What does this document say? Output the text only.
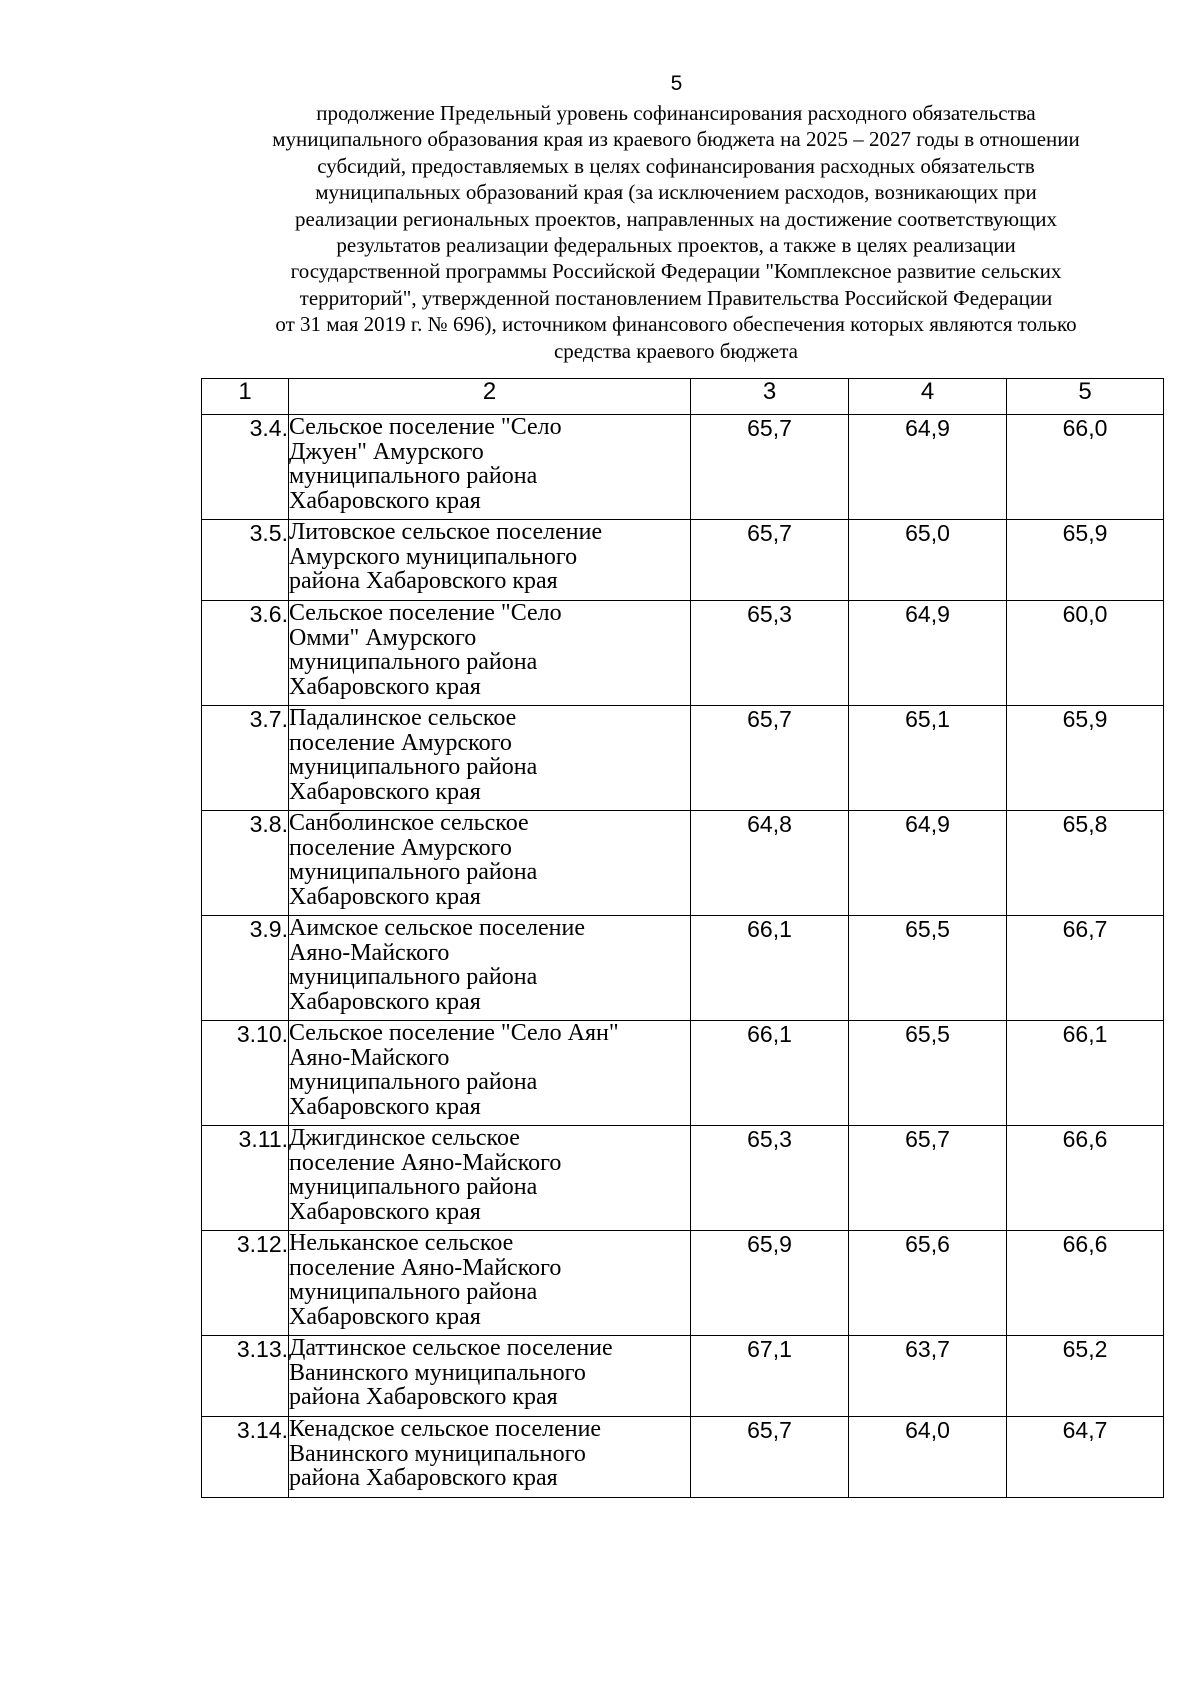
5
продолжение Предельный уровень софинансирования расходного обязательства
муниципального образования края из краевого бюджета на 2025 – 2027 годы в отношении
субсидий, предоставляемых в целях софинансирования расходных обязательств
муниципальных образований края (за исключением расходов, возникающих при
реализации региональных проектов, направленных на достижение соответствующих
результатов реализации федеральных проектов, а также в целях реализации
государственной программы Российской Федерации "Комплексное развитие сельских
территорий", утвержденной постановлением Правительства Российской Федерации
от 31 мая 2019 г. № 696), источником финансового обеспечения которых являются только
средства краевого бюджета
1	2	3	4	5
3.4.	Сельское поселение "Село
Джуен" Амурского
муниципального района
Хабаровского края	65,7	64,9	66,0
3.5.	Литовское сельское поселение
Амурского муниципального
района Хабаровского края	65,7	65,0	65,9
3.6.	Сельское поселение "Село
Омми" Амурского
муниципального района
Хабаровского края	65,3	64,9	60,0
3.7.	Падалинское сельское
поселение Амурского
муниципального района
Хабаровского края	65,7	65,1	65,9
3.8.	Санболинское сельское
поселение Амурского
муниципального района
Хабаровского края	64,8	64,9	65,8
3.9.	Аимское сельское поселение
Аяно-Майского
муниципального района
Хабаровского края	66,1	65,5	66,7
3.10.	Сельское поселение "Село Аян"
Аяно-Майского
муниципального района
Хабаровского края	66,1	65,5	66,1
3.11.	Джигдинское сельское
поселение Аяно-Майского
муниципального района
Хабаровского края	65,3	65,7	66,6
3.12.	Нельканское сельское
поселение Аяно-Майского
муниципального района
Хабаровского края	65,9	65,6	66,6
3.13.	Даттинское сельское поселение
Ванинского муниципального
района Хабаровского края	67,1	63,7	65,2
3.14.	Кенадское сельское поселение
Ванинского муниципального
района Хабаровского края	65,7	64,0	64,7
